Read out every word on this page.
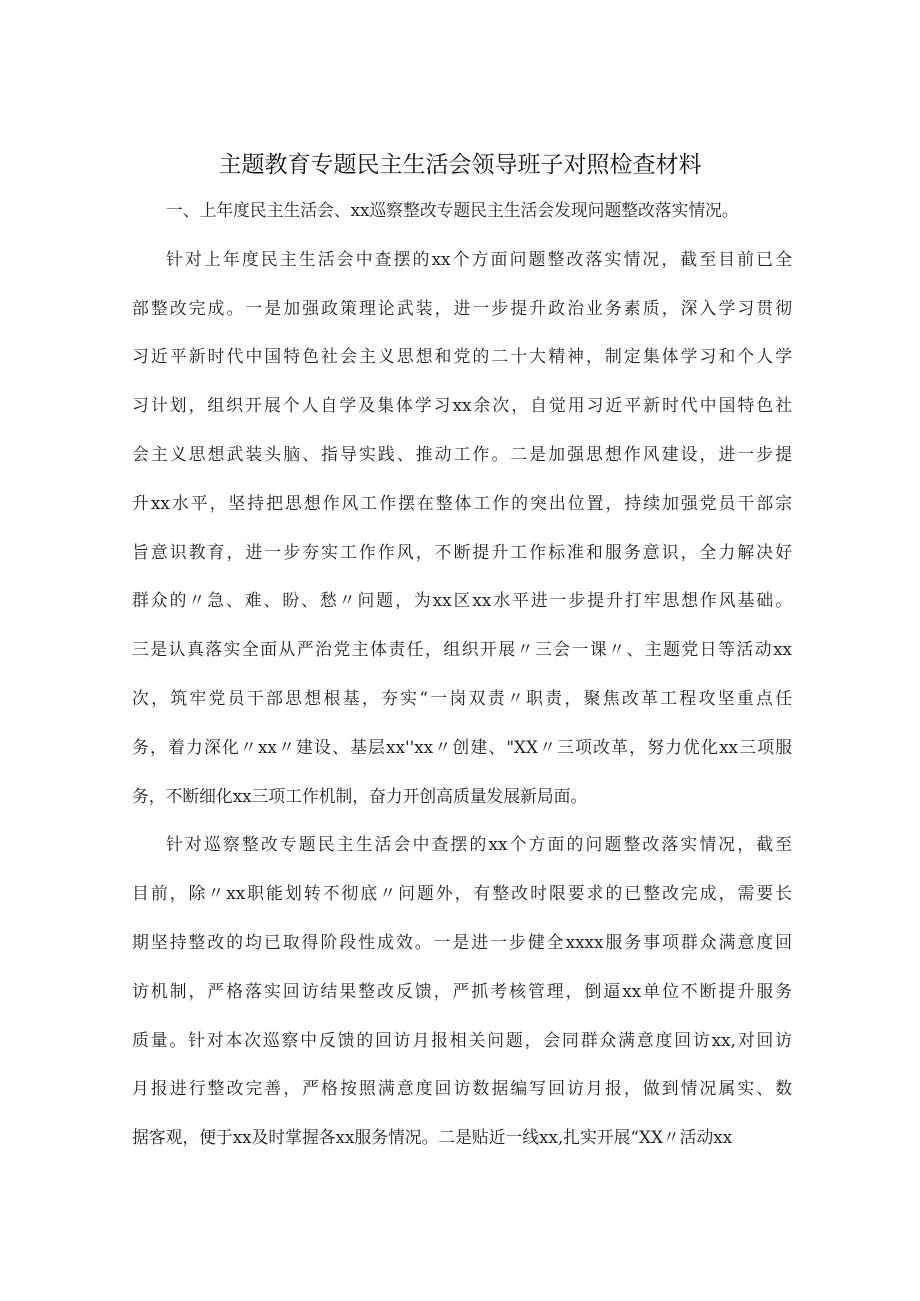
主题教育专题民主生活会领导班子对照检查材料
一、上年度民主生活会、xx巡察整改专题民主生活会发现问题整改落实情况。
针对上年度民主生活会中查摆的xx个方面问题整改落实情况，截至目前已全
部整改完成。一是加强政策理论武装，进一步提升政治业务素质，深入学习贯彻
习近平新时代中国特色社会主义思想和党的二十大精神，制定集体学习和个人学
习计划，组织开展个人自学及集体学习xx余次，自觉用习近平新时代中国特色社
会主义思想武装头脑、指导实践、推动工作。二是加强思想作风建设，进一步提
升xx水平，坚持把思想作风工作摆在整体工作的突出位置，持续加强党员干部宗
旨意识教育，进一步夯实工作作风，不断提升工作标准和服务意识，全力解决好
群众的〃急、难、盼、愁〃问题，为xx区xx水平进一步提升打牢思想作风基础。
三是认真落实全面从严治党主体责任，组织开展〃三会一课〃、主题党日等活动xx
次，筑牢党员干部思想根基，夯实“一岗双责〃职责，聚焦改革工程攻坚重点任
务，着力深化〃xx〃建设、基层xx''xx〃创建、"XX〃三项改革，努力优化xx三项服
务，不断细化xx三项工作机制，奋力开创高质量发展新局面。
针对巡察整改专题民主生活会中查摆的xx个方面的问题整改落实情况，截至
目前，除〃xx职能划转不彻底〃问题外，有整改时限要求的已整改完成，需要长
期坚持整改的均已取得阶段性成效。一是进一步健全xxxx服务事项群众满意度回
访机制，严格落实回访结果整改反馈，严抓考核管理，倒逼xx单位不断提升服务
质量。针对本次巡察中反馈的回访月报相关问题，会同群众满意度回访xx,对回访
月报进行整改完善，严格按照满意度回访数据编写回访月报，做到情况属实、数
据客观，便于xx及时掌握各xx服务情况。二是贴近一线xx,扎实开展“XX〃活动xx
